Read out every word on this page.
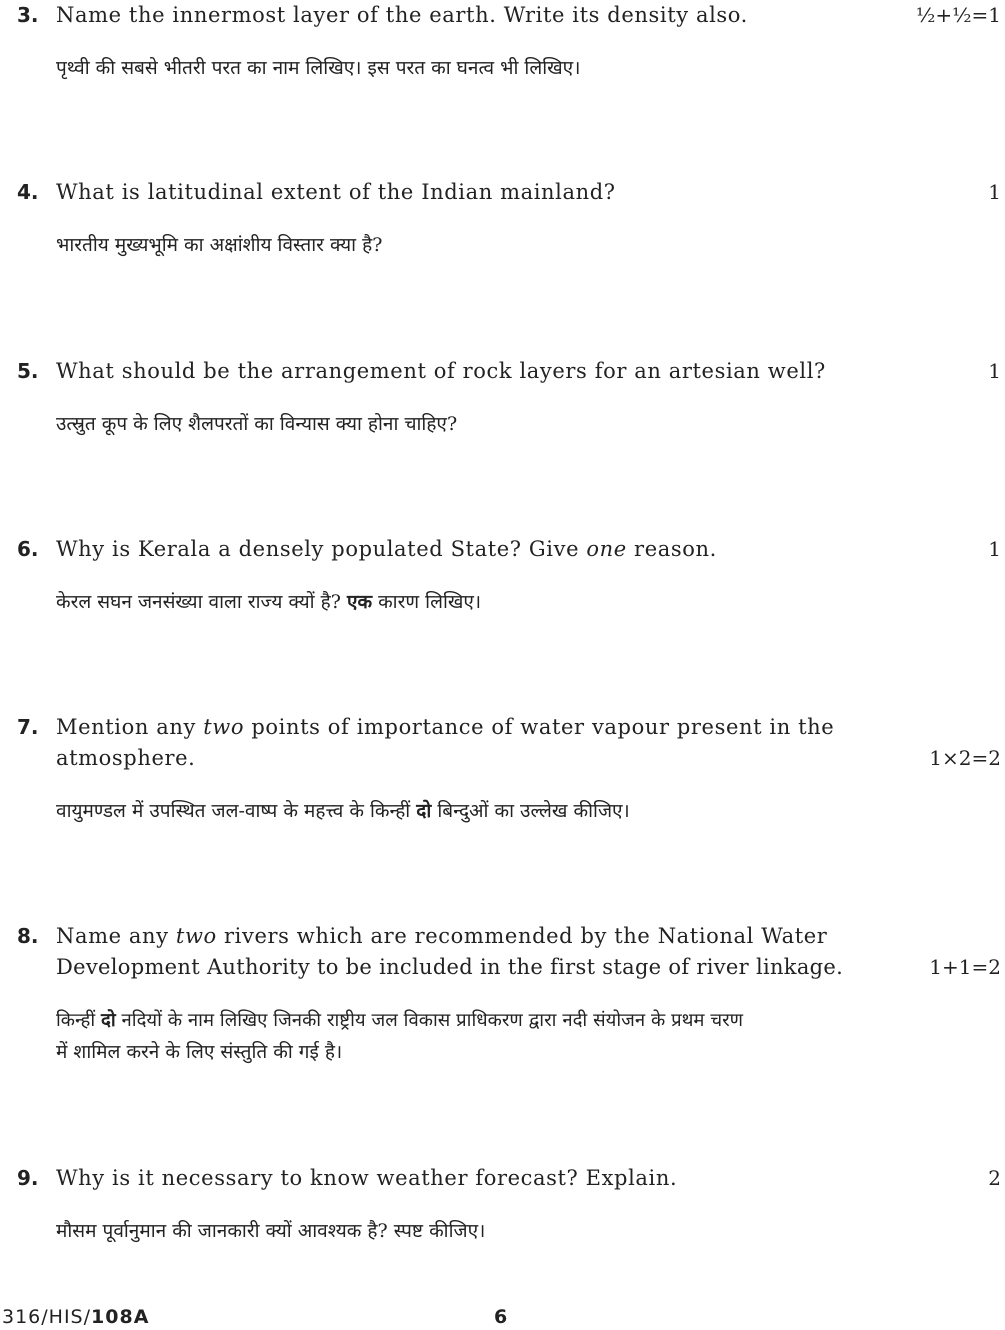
3. Name the innermost layer of the earth. Write its density also.	½+½=1
पृथ्वी की सबसे भीतरी परत का नाम लिखिए। इस परत का घनत्व भी लिखिए।
4. What is latitudinal extent of the Indian mainland?	1
भारतीय मुख्यभूमि का अक्षांशीय विस्तार क्या है?
5. What should be the arrangement of rock layers for an artesian well?	1
उत्स्रुत कूप के लिए शैलपरतों का विन्यास क्या होना चाहिए?
6. Why is Kerala a densely populated State? Give one reason.	1
केरल सघन जनसंख्या वाला राज्य क्यों है? एक कारण लिखिए।
7. Mention any two points of importance of water vapour present in the
atmosphere.	1×2=2
वायुमण्डल में उपस्थित जल-वाष्प के महत्त्व के किन्हीं दो बिन्दुओं का उल्लेख कीजिए।
8. Name any two rivers which are recommended by the National Water
Development Authority to be included in the first stage of river linkage.	1+1=2
किन्हीं दो नदियों के नाम लिखिए जिनकी राष्ट्रीय जल विकास प्राधिकरण द्वारा नदी संयोजन के प्रथम चरण
में शामिल करने के लिए संस्तुति की गई है।
9. Why is it necessary to know weather forecast? Explain.	2
मौसम पूर्वानुमान की जानकारी क्यों आवश्यक है? स्पष्ट कीजिए।
316/HIS/108A	6
